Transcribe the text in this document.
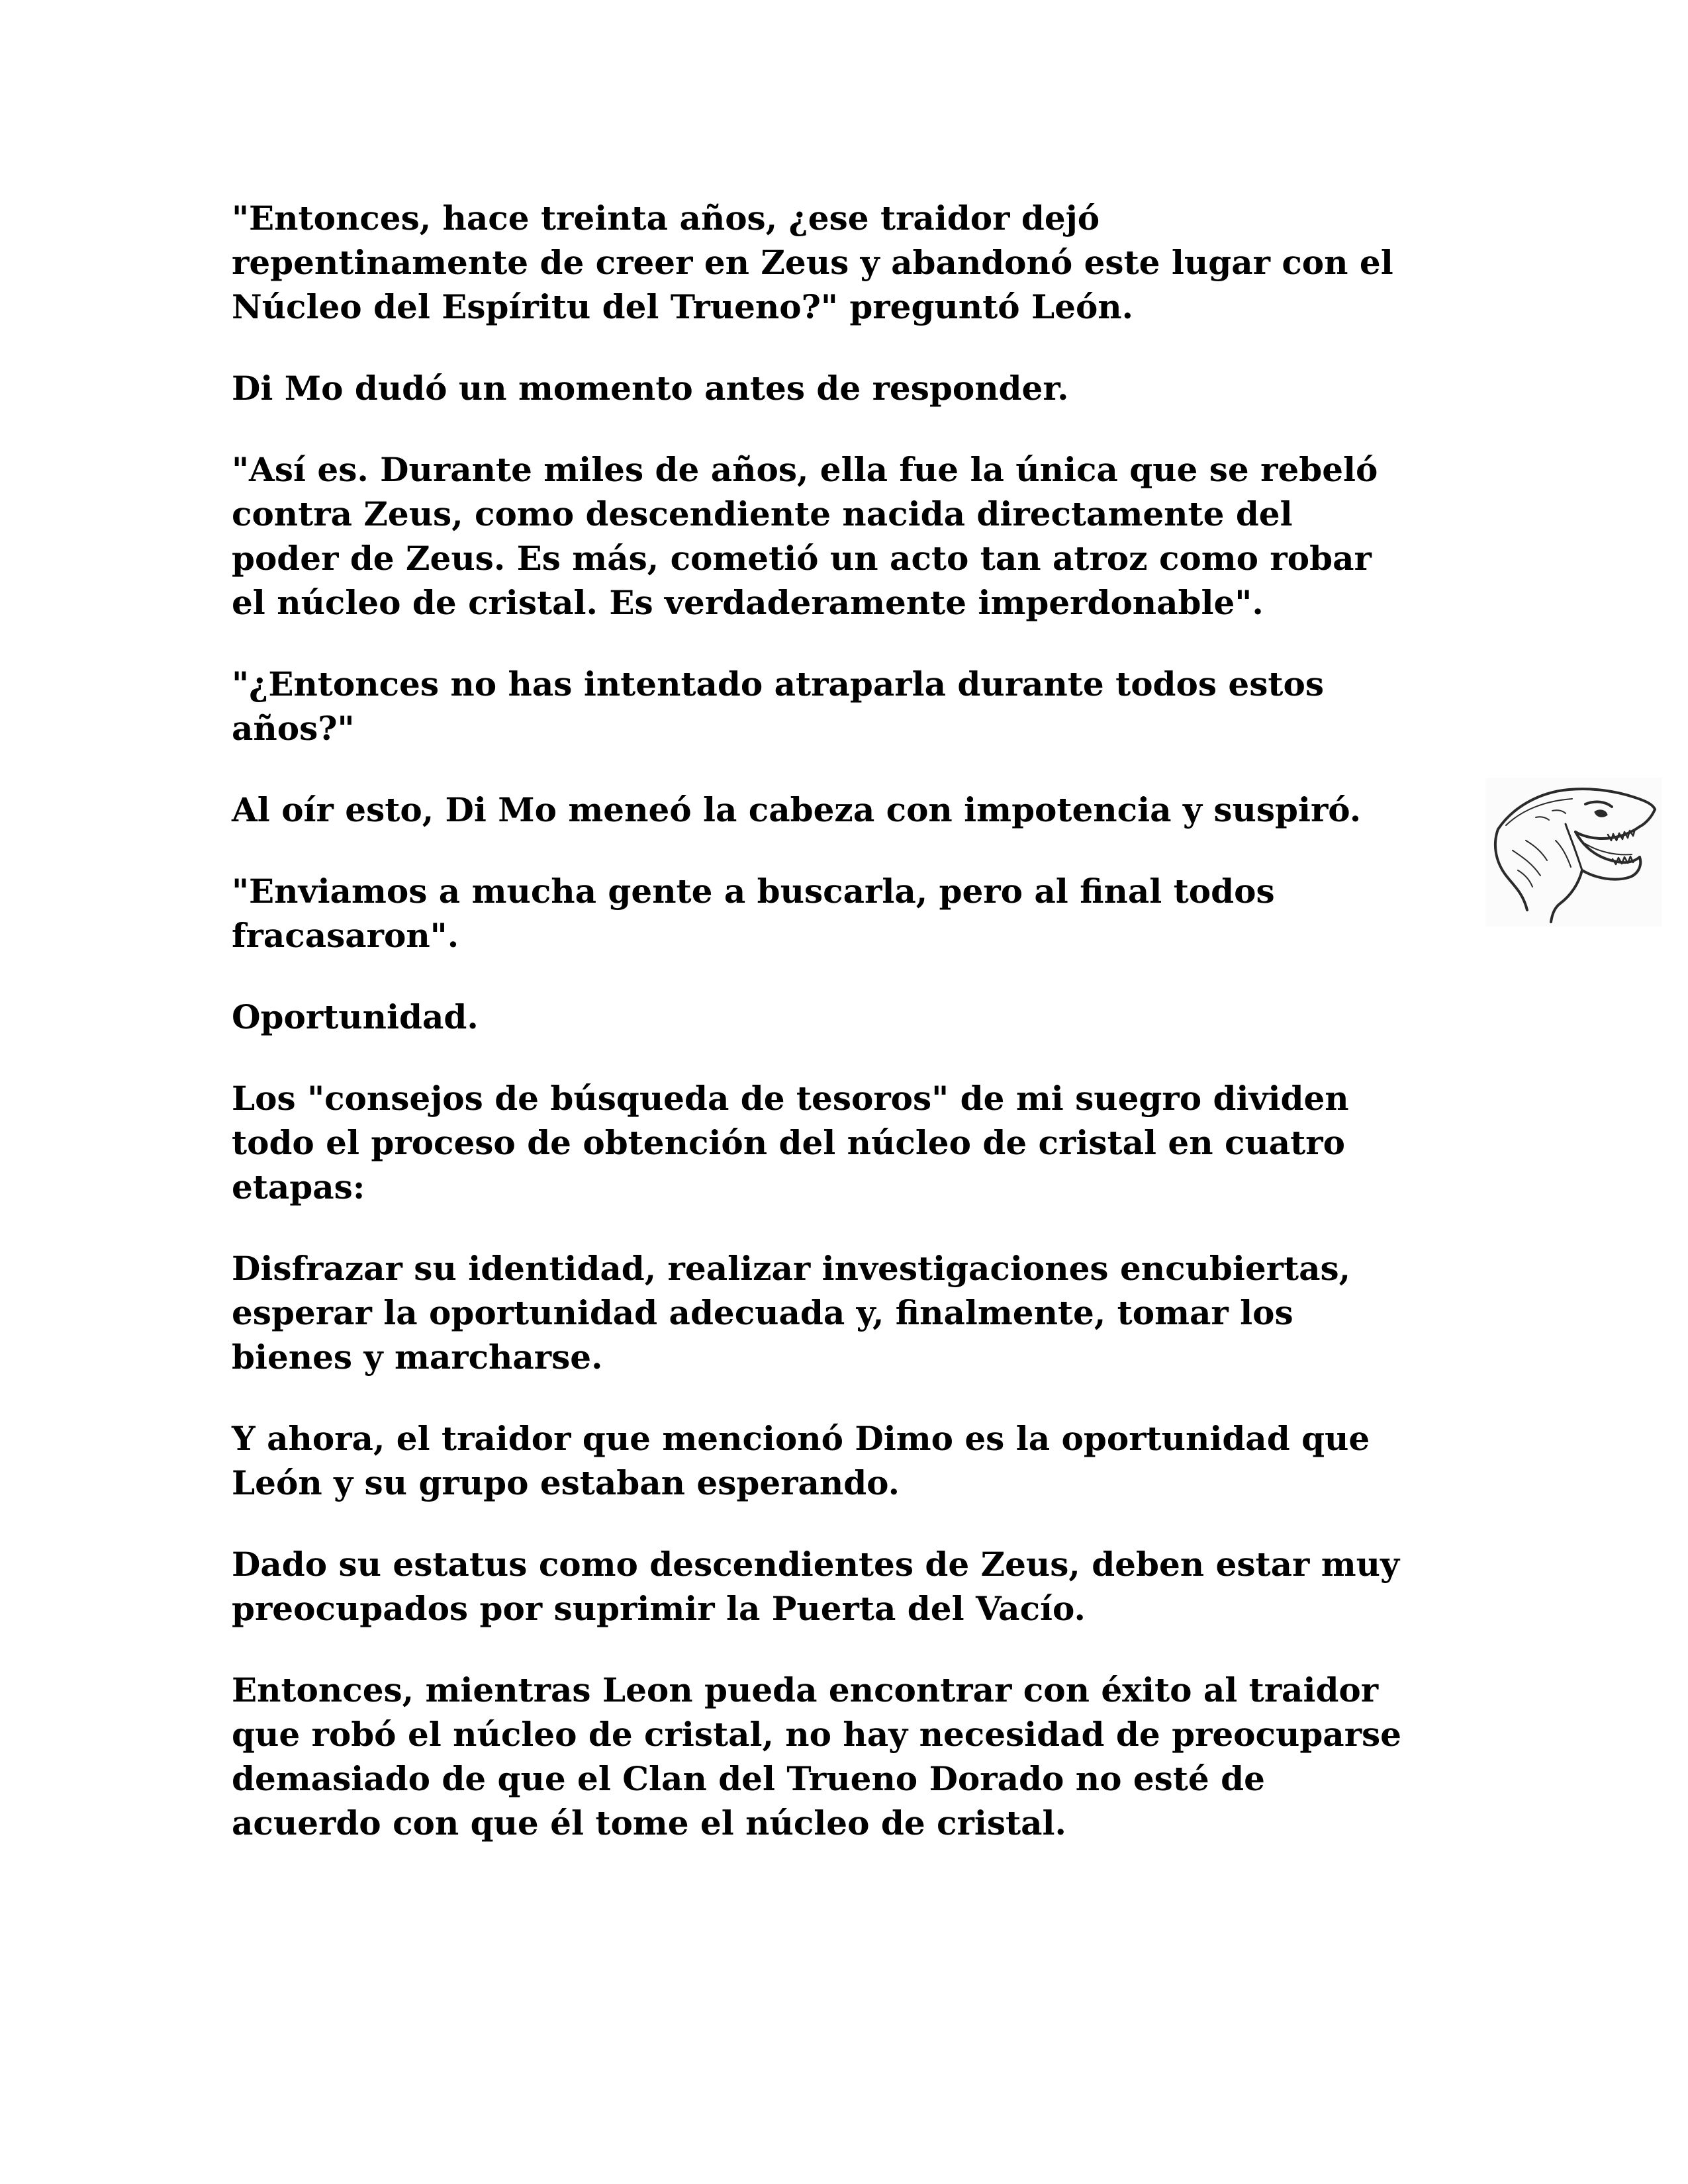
"Entonces, hace treinta años, ¿ese traidor dejó
repentinamente de creer en Zeus y abandonó este lugar con el
Núcleo del Espíritu del Trueno?" preguntó León.

Di Mo dudó un momento antes de responder.

"Así es. Durante miles de años, ella fue la única que se rebeló
contra Zeus, como descendiente nacida directamente del
poder de Zeus. Es más, cometió un acto tan atroz como robar
el núcleo de cristal. Es verdaderamente imperdonable".

"¿Entonces no has intentado atraparla durante todos estos
años?"

Al oír esto, Di Mo meneó la cabeza con impotencia y suspiró.

"Enviamos a mucha gente a buscarla, pero al final todos
fracasaron".

Oportunidad.

Los "consejos de búsqueda de tesoros" de mi suegro dividen
todo el proceso de obtención del núcleo de cristal en cuatro
etapas:

Disfrazar su identidad, realizar investigaciones encubiertas,
esperar la oportunidad adecuada y, finalmente, tomar los
bienes y marcharse.

Y ahora, el traidor que mencionó Dimo es la oportunidad que
León y su grupo estaban esperando.

Dado su estatus como descendientes de Zeus, deben estar muy
preocupados por suprimir la Puerta del Vacío.

Entonces, mientras Leon pueda encontrar con éxito al traidor
que robó el núcleo de cristal, no hay necesidad de preocuparse
demasiado de que el Clan del Trueno Dorado no esté de
acuerdo con que él tome el núcleo de cristal.
